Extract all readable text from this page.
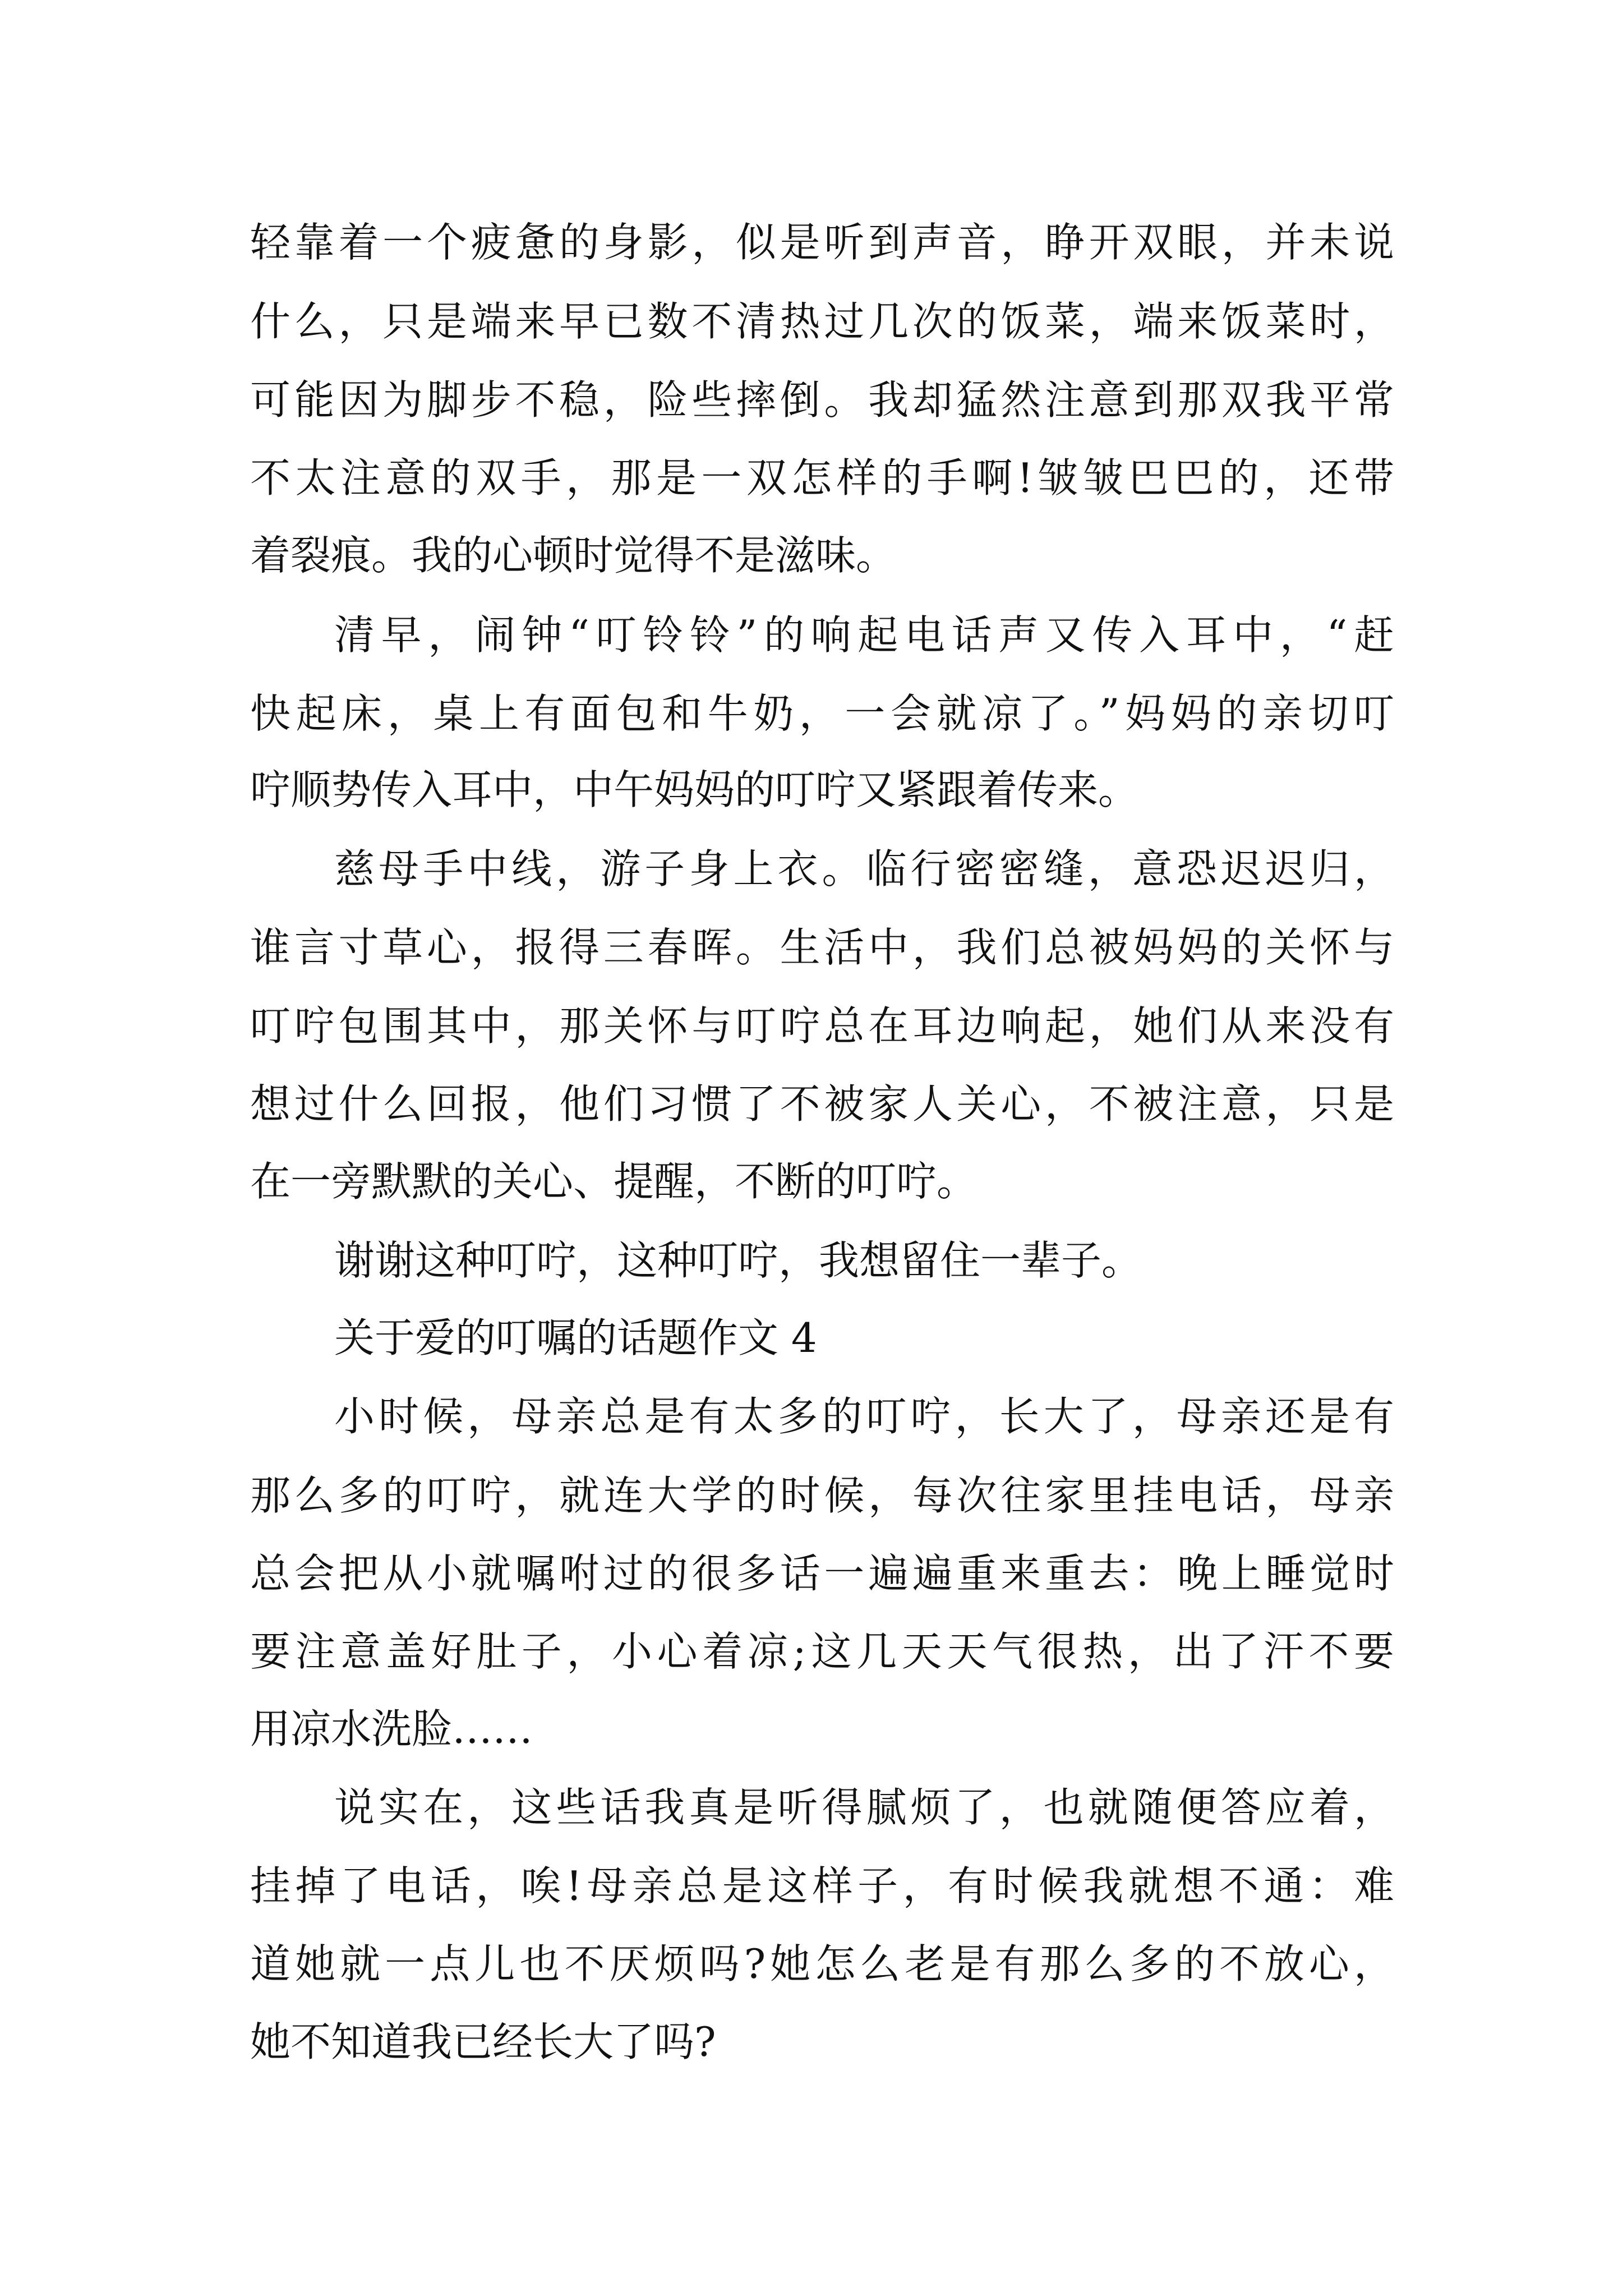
轻靠着一个疲惫的身影，似是听到声音，睁开双眼，并未说
什么，只是端来早已数不清热过几次的饭菜，端来饭菜时，
可能因为脚步不稳，险些摔倒。我却猛然注意到那双我平常
不太注意的双手，那是一双怎样的手啊!皱皱巴巴的，还带
着裂痕。我的心顿时觉得不是滋味。
清早，闹钟“叮铃铃”的响起电话声又传入耳中，“赶
快起床，桌上有面包和牛奶，一会就凉了。”妈妈的亲切叮
咛顺势传入耳中，中午妈妈的叮咛又紧跟着传来。
慈母手中线，游子身上衣。临行密密缝，意恐迟迟归，
谁言寸草心，报得三春晖。生活中，我们总被妈妈的关怀与
叮咛包围其中，那关怀与叮咛总在耳边响起，她们从来没有
想过什么回报，他们习惯了不被家人关心，不被注意，只是
在一旁默默的关心、提醒，不断的叮咛。
谢谢这种叮咛，这种叮咛，我想留住一辈子。
关于爱的叮嘱的话题作文 4
小时候，母亲总是有太多的叮咛，长大了，母亲还是有
那么多的叮咛，就连大学的时候，每次往家里挂电话，母亲
总会把从小就嘱咐过的很多话一遍遍重来重去：晚上睡觉时
要注意盖好肚子，小心着凉;这几天天气很热，出了汗不要
用凉水洗脸……
说实在，这些话我真是听得腻烦了，也就随便答应着，
挂掉了电话，唉!母亲总是这样子，有时候我就想不通：难
道她就一点儿也不厌烦吗?她怎么老是有那么多的不放心，
她不知道我已经长大了吗?
